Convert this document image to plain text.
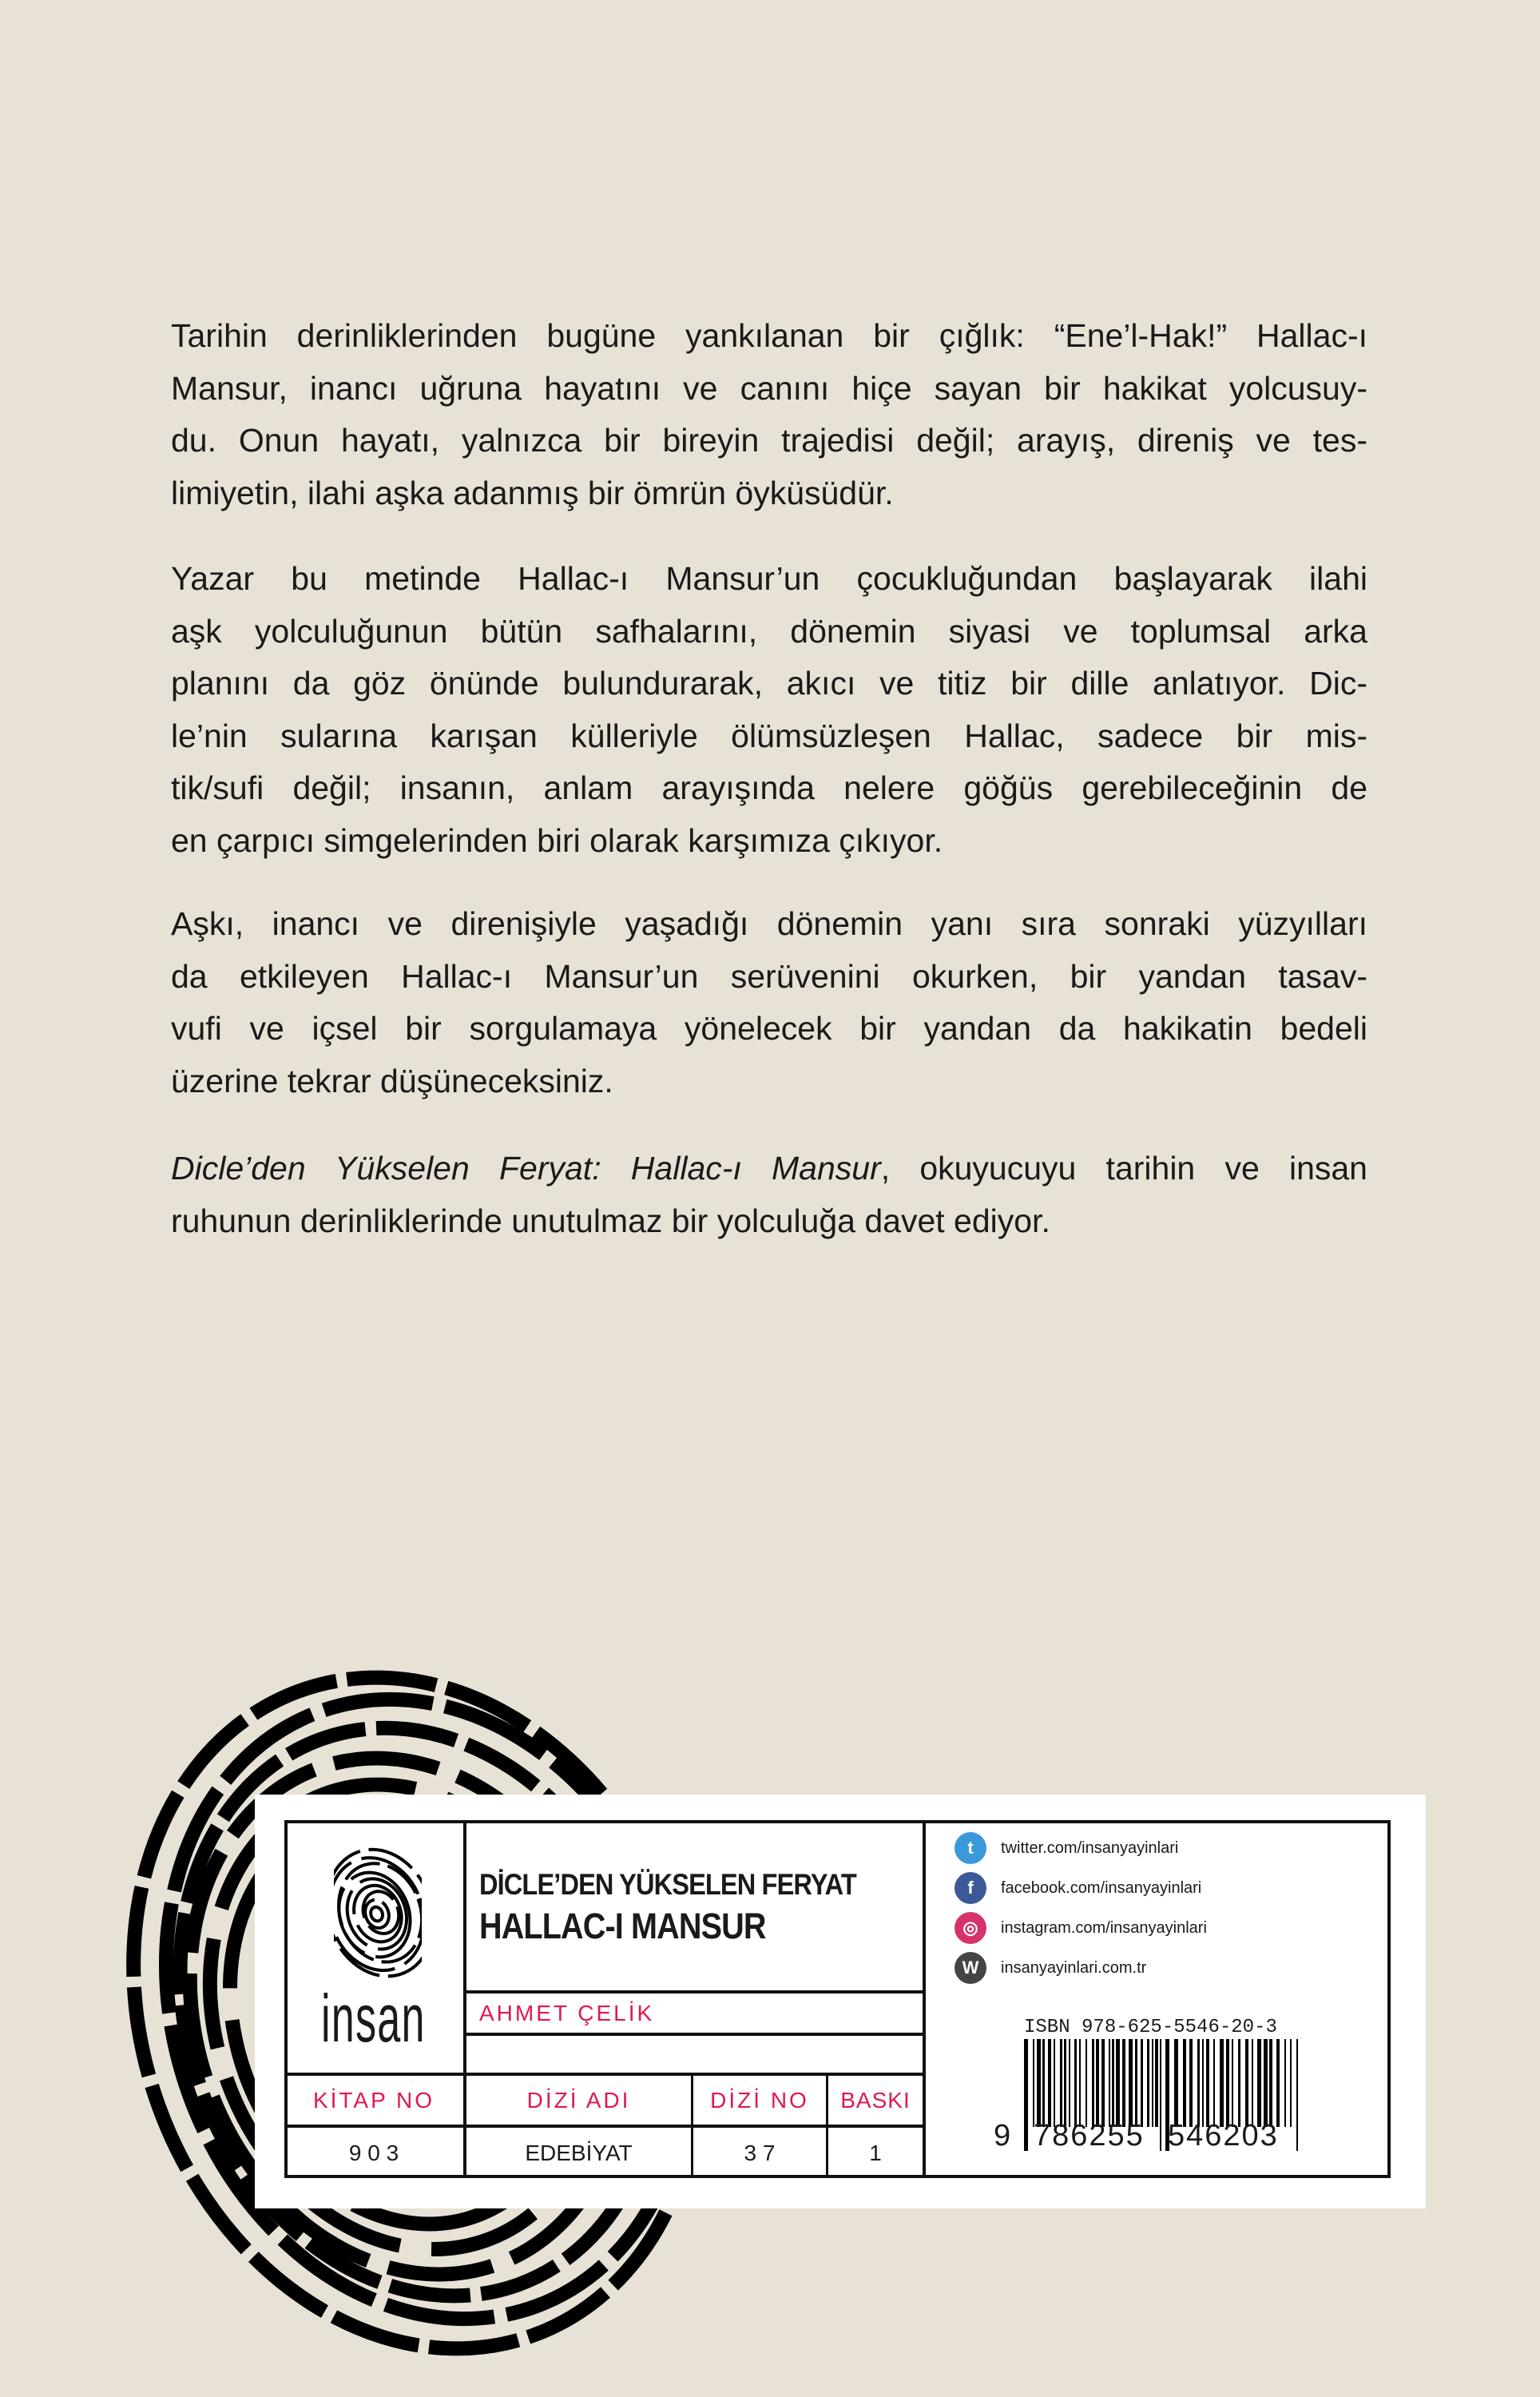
Tarihin derinliklerinden bugüne yankılanan bir çığlık: “Ene’l-Hak!” Hallac-ı
Mansur, inancı uğruna hayatını ve canını hiçe sayan bir hakikat yolcusuy-
du. Onun hayatı, yalnızca bir bireyin trajedisi değil; arayış, direniş ve tes-
limiyetin, ilahi aşka adanmış bir ömrün öyküsüdür.
Yazar bu metinde Hallac-ı Mansur’un çocukluğundan başlayarak ilahi
aşk yolculuğunun bütün safhalarını, dönemin siyasi ve toplumsal arka
planını da göz önünde bulundurarak, akıcı ve titiz bir dille anlatıyor. Dic-
le’nin sularına karışan külleriyle ölümsüzleşen Hallac, sadece bir mis-
tik/sufi değil; insanın, anlam arayışında nelere göğüs gerebileceğinin de
en çarpıcı simgelerinden biri olarak karşımıza çıkıyor.
Aşkı, inancı ve direnişiyle yaşadığı dönemin yanı sıra sonraki yüzyılları
da etkileyen Hallac-ı Mansur’un serüvenini okurken, bir yandan tasav-
vufi ve içsel bir sorgulamaya yönelecek bir yandan da hakikatin bedeli
üzerine tekrar düşüneceksiniz.
Dicle’den Yükselen Feryat: Hallac-ı Mansur, okuyucuyu tarihin ve insan
ruhunun derinliklerinde unutulmaz bir yolculuğa davet ediyor.
insan
DİCLE’DEN YÜKSELEN FERYAT
HALLAC-I MANSUR
AHMET ÇELİK
KİTAP NO	DİZİ ADI	DİZİ NO	BASKI
9 0 3	EDEBİYAT	3 7	1
t	twitter.com/insanyayinlari
f	facebook.com/insanyayinlari
◎	instagram.com/insanyayinlari
W	insanyayinlari.com.tr
ISBN 978-625-5546-20-3
9 786255 546203
